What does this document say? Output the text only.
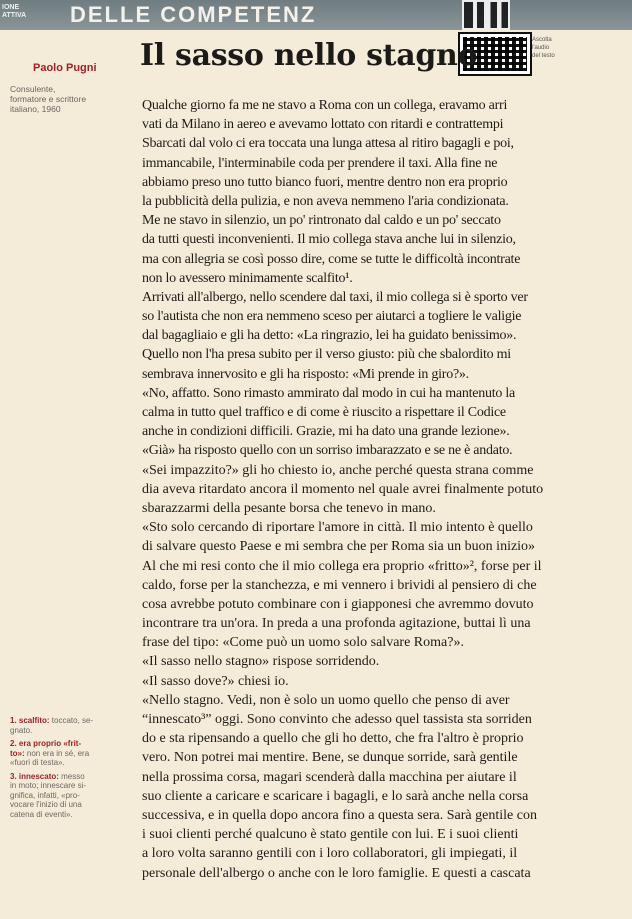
IONE
ATTIVA	DELLE COMPETENZ
Ascolta
l'audio
del testo
Paolo Pugni
Consulente,
formatore e scrittore
italiano, 1960
Il sasso nello stagno
Qualche giorno fa me ne stavo a Roma con un collega, eravamo arri
vati da Milano in aereo e avevamo lottato con ritardi e contrattempi
Sbarcati dal volo ci era toccata una lunga attesa al ritiro bagagli e poi,
immancabile, l'interminabile coda per prendere il taxi. Alla fine ne
abbiamo preso uno tutto bianco fuori, mentre dentro non era proprio
la pubblicità della pulizia, e non aveva nemmeno l'aria condizionata.
Me ne stavo in silenzio, un po' rintronato dal caldo e un po' seccato
da tutti questi inconvenienti. Il mio collega stava anche lui in silenzio,
ma con allegria se così posso dire, come se tutte le difficoltà incontrate
non lo avessero minimamente scalfito¹.
Arrivati all'albergo, nello scendere dal taxi, il mio collega si è sporto ver
so l'autista che non era nemmeno sceso per aiutarci a togliere le valigie
dal bagagliaio e gli ha detto: «La ringrazio, lei ha guidato benissimo».
Quello non l'ha presa subito per il verso giusto: più che sbalordito mi
sembrava innervosito e gli ha risposto: «Mi prende in giro?».
«No, affatto. Sono rimasto ammirato dal modo in cui ha mantenuto la
calma in tutto quel traffico e di come è riuscito a rispettare il Codice
anche in condizioni difficili. Grazie, mi ha dato una grande lezione».
«Già» ha risposto quello con un sorriso imbarazzato e se ne è andato.
«Sei impazzito?» gli ho chiesto io, anche perché questa strana comme
dia aveva ritardato ancora il momento nel quale avrei finalmente potuto
sbarazzarmi della pesante borsa che tenevo in mano.
«Sto solo cercando di riportare l'amore in città. Il mio intento è quello
di salvare questo Paese e mi sembra che per Roma sia un buon inizio»
Al che mi resi conto che il mio collega era proprio «fritto»², forse per il
caldo, forse per la stanchezza, e mi vennero i brividi al pensiero di che
cosa avrebbe potuto combinare con i giapponesi che avremmo dovuto
incontrare tra un'ora. In preda a una profonda agitazione, buttai lì una
frase del tipo: «Come può un uomo solo salvare Roma?».
«Il sasso nello stagno» rispose sorridendo.
«Il sasso dove?» chiesi io.
«Nello stagno. Vedi, non è solo un uomo quello che penso di aver
“innescato³” oggi. Sono convinto che adesso quel tassista sta sorriden
do e sta ripensando a quello che gli ho detto, che fra l'altro è proprio
vero. Non potrei mai mentire. Bene, se dunque sorride, sarà gentile
nella prossima corsa, magari scenderà dalla macchina per aiutare il
suo cliente a caricare e scaricare i bagagli, e lo sarà anche nella corsa
successiva, e in quella dopo ancora fino a questa sera. Sarà gentile con
i suoi clienti perché qualcuno è stato gentile con lui. E i suoi clienti
a loro volta saranno gentili con i loro collaboratori, gli impiegati, il
personale dell'albergo o anche con le loro famiglie. E questi a cascata
1. scalfito: toccato, se-
gnato.
2. era proprio «frit-
to»: non era in sé, era
«fuori di testa».
3. innescato: messo
in moto; innescare si-
gnifica, infatti, «pro-
vocare l'inizio di una
catena di eventi».
